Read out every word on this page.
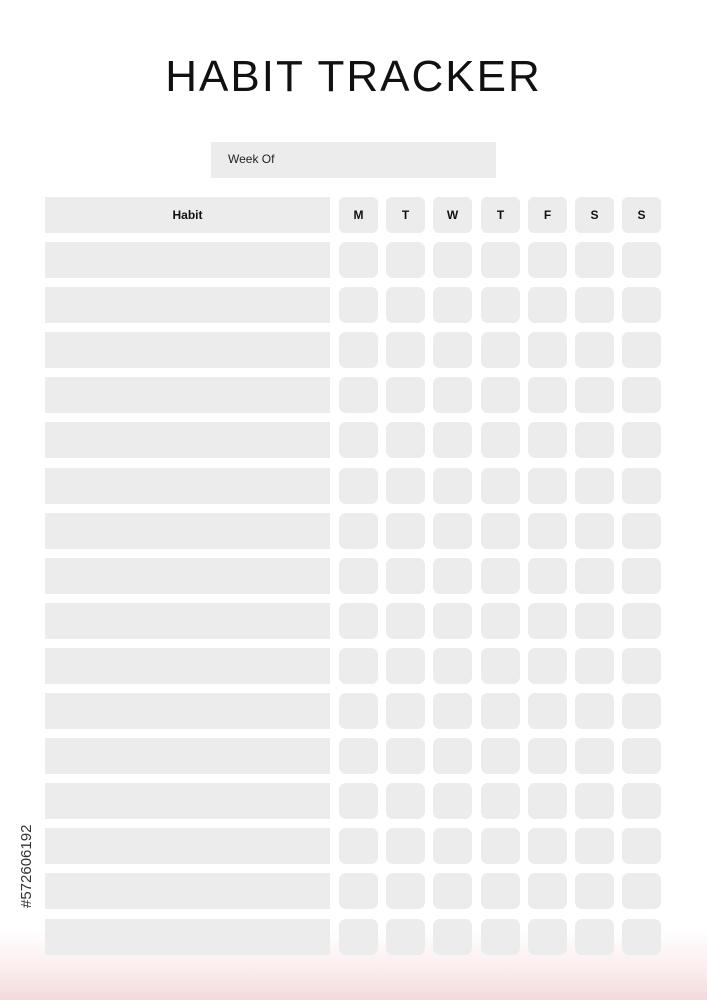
HABIT TRACKER
Week Of
Habit	M	T	W	T	F	S	S
#572606192
